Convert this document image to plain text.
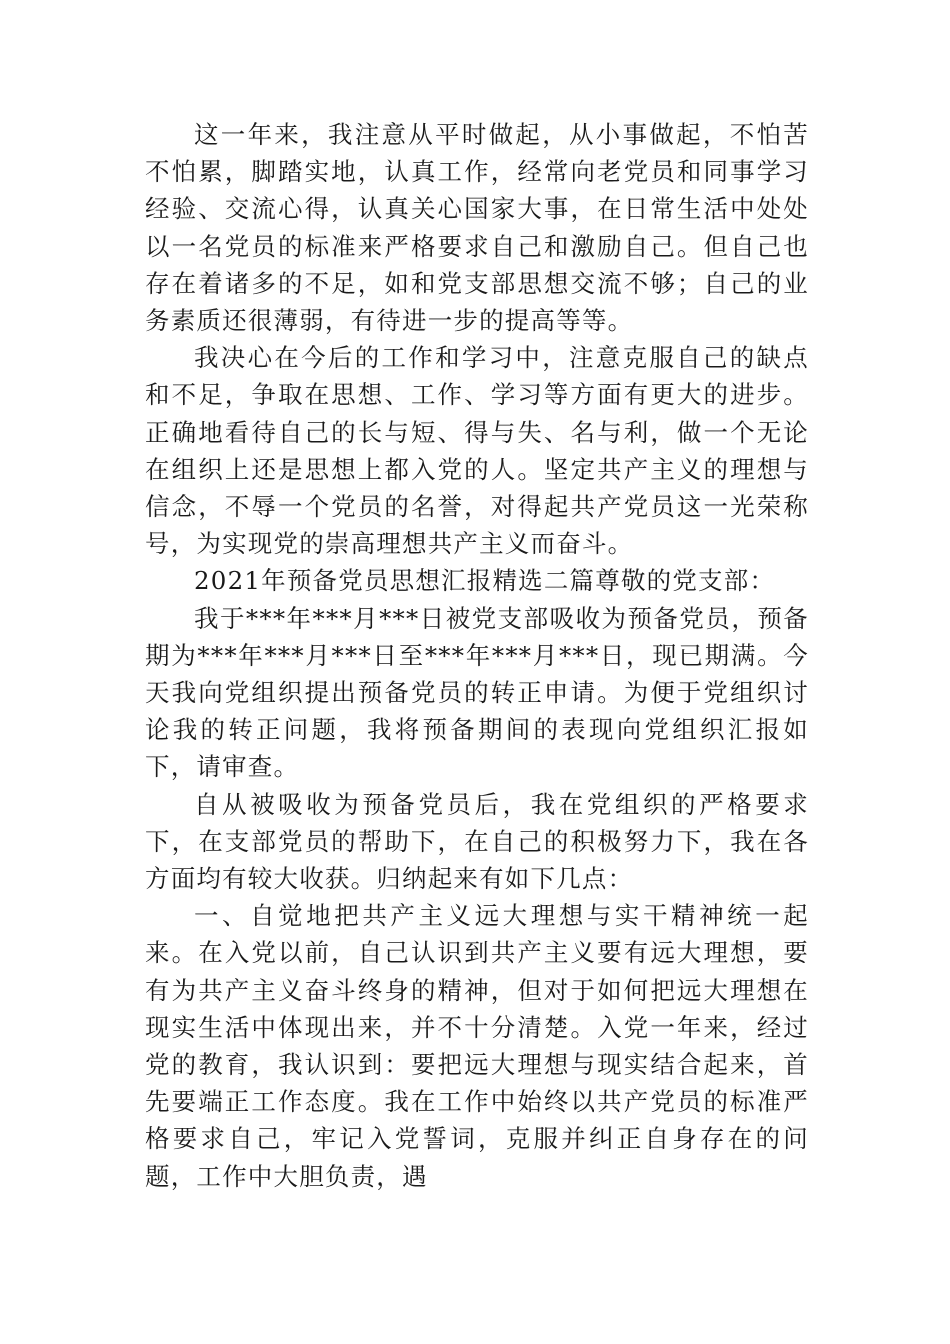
这一年来，我注意从平时做起，从小事做起，不怕苦不怕累，脚踏实地，认真工作，经常向老党员和同事学习经验、交流心得，认真关心国家大事，在日常生活中处处以一名党员的标准来严格要求自己和激励自己。但自己也存在着诸多的不足，如和党支部思想交流不够；自己的业务素质还很薄弱，有待进一步的提高等等。

我决心在今后的工作和学习中，注意克服自己的缺点和不足，争取在思想、工作、学习等方面有更大的进步。正确地看待自己的长与短、得与失、名与利，做一个无论在组织上还是思想上都入党的人。坚定共产主义的理想与信念，不辱一个党员的名誉，对得起共产党员这一光荣称号，为实现党的崇高理想共产主义而奋斗。

2021年预备党员思想汇报精选二篇尊敬的党支部：

我于***年***月***日被党支部吸收为预备党员，预备期为***年***月***日至***年***月***日，现已期满。今天我向党组织提出预备党员的转正申请。为便于党组织讨论我的转正问题，我将预备期间的表现向党组织汇报如下，请审查。

自从被吸收为预备党员后，我在党组织的严格要求下，在支部党员的帮助下，在自己的积极努力下，我在各方面均有较大收获。归纳起来有如下几点：

一、自觉地把共产主义远大理想与实干精神统一起来。在入党以前，自己认识到共产主义要有远大理想，要有为共产主义奋斗终身的精神，但对于如何把远大理想在现实生活中体现出来，并不十分清楚。入党一年来，经过党的教育，我认识到：要把远大理想与现实结合起来，首先要端正工作态度。我在工作中始终以共产党员的标准严格要求自己，牢记入党誓词，克服并纠正自身存在的问题，工作中大胆负责，遇
